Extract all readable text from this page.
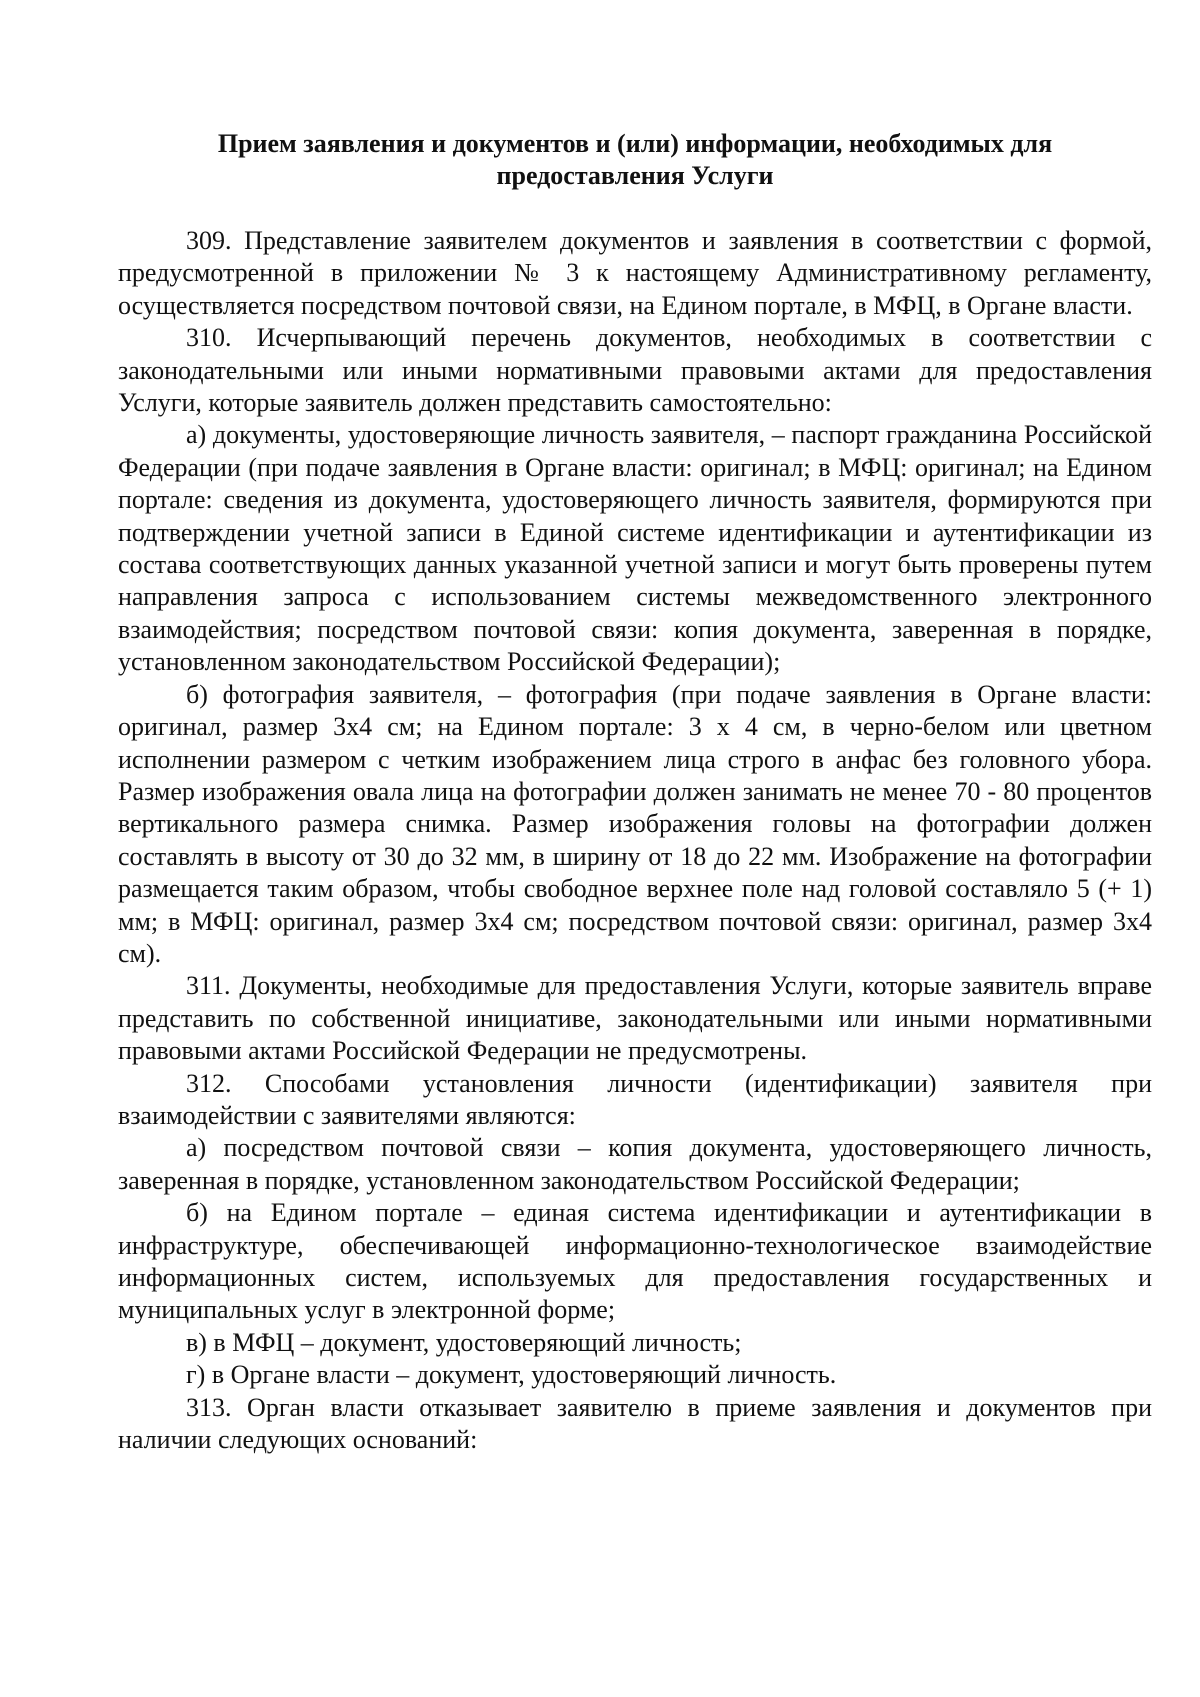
Прием заявления и документов и (или) информации, необходимых для
предоставления Услуги

309. Представление заявителем документов и заявления в соответствии с формой, предусмотренной в приложении № 3 к настоящему Административному регламенту, осуществляется посредством почтовой связи, на Едином портале, в МФЦ, в Органе власти.

310. Исчерпывающий перечень документов, необходимых в соответствии с законодательными или иными нормативными правовыми актами для предоставления Услуги, которые заявитель должен представить самостоятельно:

а) документы, удостоверяющие личность заявителя, – паспорт гражданина Российской Федерации (при подаче заявления в Органе власти: оригинал; в МФЦ: оригинал; на Едином портале: сведения из документа, удостоверяющего личность заявителя, формируются при подтверждении учетной записи в Единой системе идентификации и аутентификации из состава соответствующих данных указанной учетной записи и могут быть проверены путем направления запроса с использованием системы межведомственного электронного взаимодействия; посредством почтовой связи: копия документа, заверенная в порядке, установленном законодательством Российской Федерации);

б) фотография заявителя, – фотография (при подаче заявления в Органе власти: оригинал, размер 3х4 см; на Едином портале: 3 х 4 см, в черно-белом или цветном исполнении размером с четким изображением лица строго в анфас без головного убора. Размер изображения овала лица на фотографии должен занимать не менее 70 - 80 процентов вертикального размера снимка. Размер изображения головы на фотографии должен составлять в высоту от 30 до 32 мм, в ширину от 18 до 22 мм. Изображение на фотографии размещается таким образом, чтобы свободное верхнее поле над головой составляло 5 (+ 1) мм; в МФЦ: оригинал, размер 3х4 см; посредством почтовой связи: оригинал, размер 3х4 см).

311. Документы, необходимые для предоставления Услуги, которые заявитель вправе представить по собственной инициативе, законодательными или иными нормативными правовыми актами Российской Федерации не предусмотрены.

312. Способами установления личности (идентификации) заявителя при взаимодействии с заявителями являются:

а) посредством почтовой связи – копия документа, удостоверяющего личность, заверенная в порядке, установленном законодательством Российской Федерации;

б) на Едином портале – единая система идентификации и аутентификации в инфраструктуре, обеспечивающей информационно-технологическое взаимодействие информационных систем, используемых для предоставления государственных и муниципальных услуг в электронной форме;

в) в МФЦ – документ, удостоверяющий личность;

г) в Органе власти – документ, удостоверяющий личность.

313. Орган власти отказывает заявителю в приеме заявления и документов при наличии следующих оснований:
